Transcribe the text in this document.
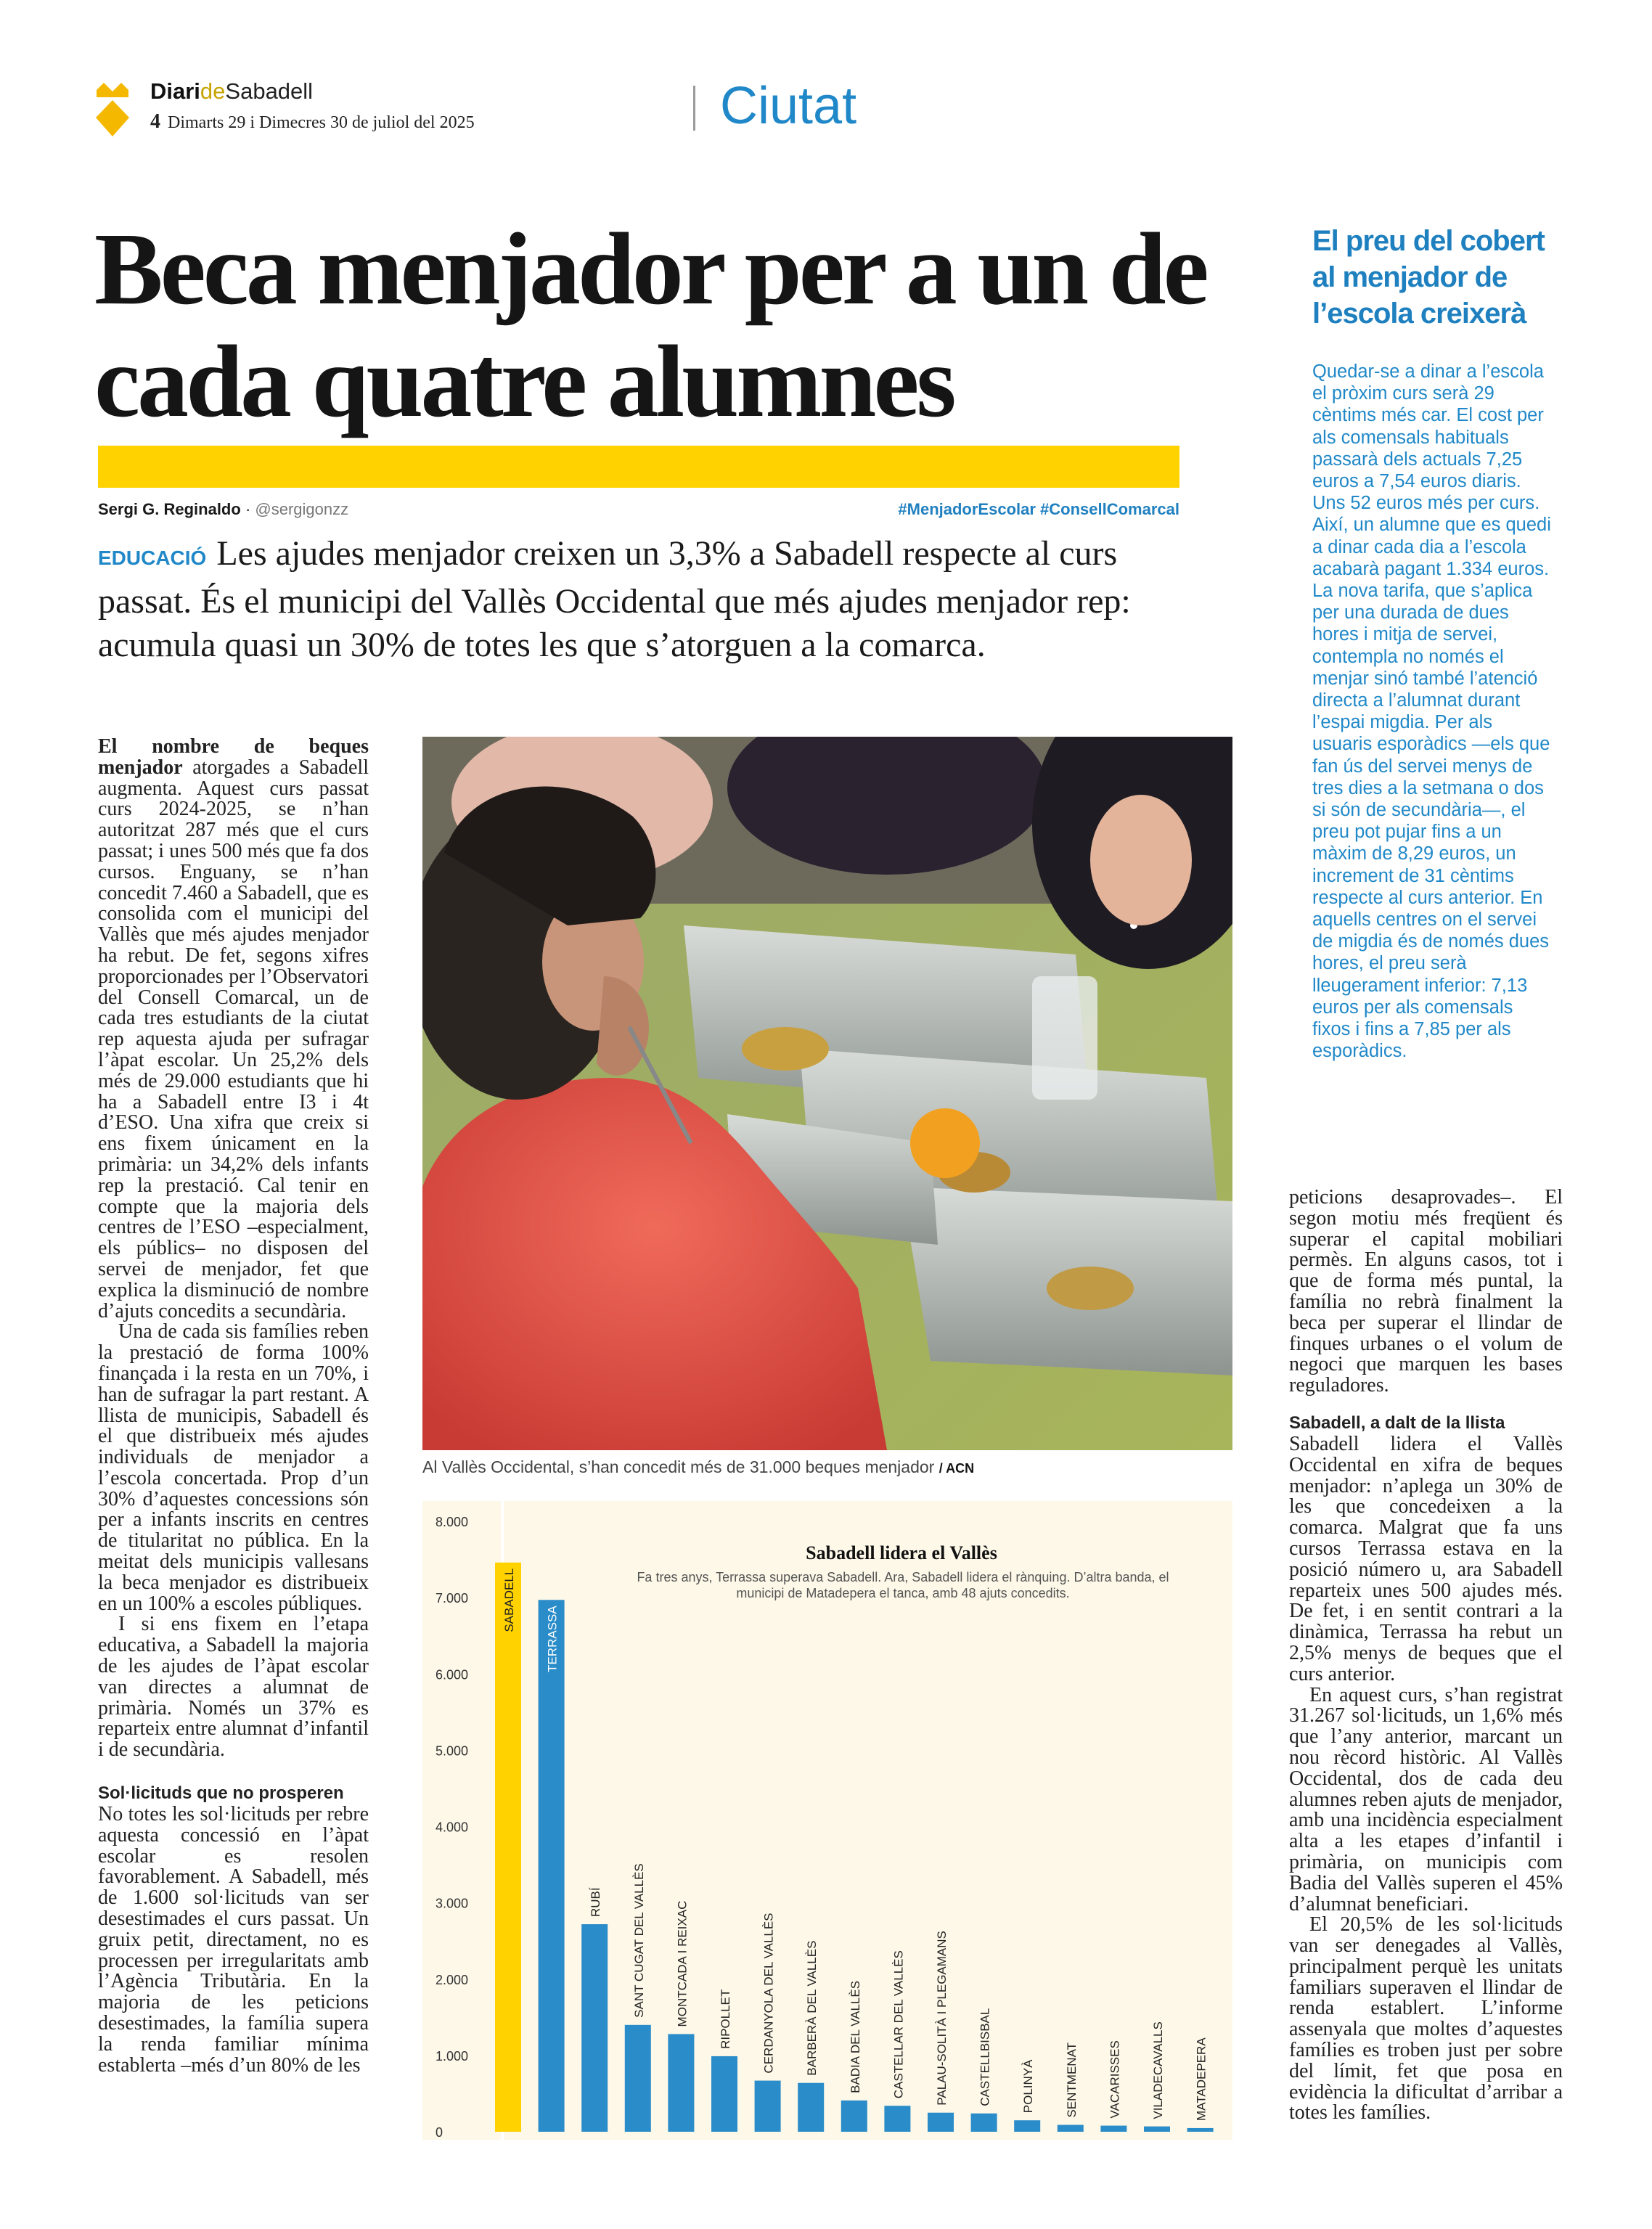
DiarideSabadell
4 Dimarts 29 i Dimecres 30 de juliol del 2025	Ciutat
Beca menjador per a un de cada quatre alumnes
Sergi G. Reginaldo · @sergigonzz	#MenjadorEscolar #ConsellComarcal

EDUCACIÓ Les ajudes menjador creixen un 3,3% a Sabadell respecte al curs passat. És el municipi del Vallès Occidental que més ajudes menjador rep: acumula quasi un 30% de totes les que s’atorguen a la comarca.

El preu del cobert al menjador de l’escola creixerà

Quedar-se a dinar a l’escola el pròxim curs serà 29 cèntims més car. El cost per als comensals habituals passarà dels actuals 7,25 euros a 7,54 euros diaris. Uns 52 euros més per curs. Així, un alumne que es quedi a dinar cada dia a l’escola acabarà pagant 1.334 euros. La nova tarifa, que s’aplica per una durada de dues hores i mitja de servei, contempla no només el menjar sinó també l’atenció directa a l’alumnat durant l’espai migdia. Per als usuaris esporàdics —els que fan ús del servei menys de tres dies a la setmana o dos si són de secundària—, el preu pot pujar fins a un màxim de 8,29 euros, un increment de 31 cèntims respecte al curs anterior. En aquells centres on el servei de migdia és de només dues hores, el preu serà lleugerament inferior: 7,13 euros per als comensals fixos i fins a 7,85 per als esporàdics.

El nombre de beques menjador atorgades a Sabadell augmenta. Aquest curs passat curs 2024-2025, se n’han autoritzat 287 més que el curs passat; i unes 500 més que fa dos cursos. Enguany, se n’han concedit 7.460 a Sabadell, que es consolida com el municipi del Vallès que més ajudes menjador ha rebut. De fet, segons xifres proporcionades per l’Observatori del Consell Comarcal, un de cada tres estudiants de la ciutat rep aquesta ajuda per sufragar l’àpat escolar. Un 25,2% dels més de 29.000 estudiants que hi ha a Sabadell entre I3 i 4t d’ESO. Una xifra que creix si ens fixem únicament en la primària: un 34,2% dels infants rep la prestació. Cal tenir en compte que la majoria dels centres de l’ESO –especialment, els públics– no disposen del servei de menjador, fet que explica la disminució de nombre d’ajuts concedits a secundària.

Una de cada sis famílies reben la prestació de forma 100% finançada i la resta en un 70%, i han de sufragar la part restant. A llista de municipis, Sabadell és el que distribueix més ajudes individuals de menjador a l’escola concertada. Prop d’un 30% d’aquestes concessions són per a infants inscrits en centres de titularitat no pública. En la meitat dels municipis vallesans la beca menjador es distribueix en un 100% a escoles públiques.

I si ens fixem en l’etapa educativa, a Sabadell la majoria de les ajudes de l’àpat escolar van directes a alumnat de primària. Només un 37% es reparteix entre alumnat d’infantil i de secundària.

Sol·licituds que no prosperen

No totes les sol·licituds per rebre aquesta concessió en l’àpat escolar es resolen favorablement. A Sabadell, més de 1.600 sol·licituds van ser desestimades el curs passat. Un gruix petit, directament, no es processen per irregularitats amb l’Agència Tributària. En la majoria de les peticions desestimades, la família supera la renda familiar mínima establerta –més d’un 80% de les

Al Vallès Occidental, s’han concedit més de 31.000 beques menjador / ACN
0
1.000
2.000
3.000
4.000
5.000
6.000
7.000
8.000
SABADELL
TERRASSA
RUBÍ SANT CUGAT DEL VALLÈS MONTCADA I REIXAC RIPOLLET CERDANYOLA DEL VALLÈS BARBERÀ DEL VALLÈS BADIA DEL VALLÈS CASTELLAR DEL VALLÈS PALAU-SOLITÀ I PLEGAMANS CASTELLBISBAL POLINYÀ SENTMENAT VACARISSES VILADECAVALLS MATADEPERA
Sabadell lidera el Vallès
Fa tres anys, Terrassa superava Sabadell. Ara, Sabadell lidera el rànquing. D’altra banda, el municipi de Matadepera el tanca, amb 48 ajuts concedits.

peticions desaprovades–. El segon motiu més freqüent és superar el capital mobiliari permès. En alguns casos, tot i que de forma més puntal, la família no rebrà finalment la beca per superar el llindar de finques urbanes o el volum de negoci que marquen les bases reguladores.

Sabadell, a dalt de la llista

Sabadell lidera el Vallès Occidental en xifra de beques menjador: n’aplega un 30% de les que concedeixen a la comarca. Malgrat que fa uns cursos Terrassa estava en la posició número u, ara Sabadell reparteix unes 500 ajudes més. De fet, i en sentit contrari a la dinàmica, Terrassa ha rebut un 2,5% menys de beques que el curs anterior.

En aquest curs, s’han registrat 31.267 sol·licituds, un 1,6% més que l’any anterior, marcant un nou rècord històric. Al Vallès Occidental, dos de cada deu alumnes reben ajuts de menjador, amb una incidència especialment alta a les etapes d’infantil i primària, on municipis com Badia del Vallès superen el 45% d’alumnat beneficiari.

El 20,5% de les sol·licituds van ser denegades al Vallès, principalment perquè les unitats familiars superaven el llindar de renda establert. L’informe assenyala que moltes d’aquestes famílies es troben just per sobre del límit, fet que posa en evidència la dificultat d’arribar a totes les famílies.
